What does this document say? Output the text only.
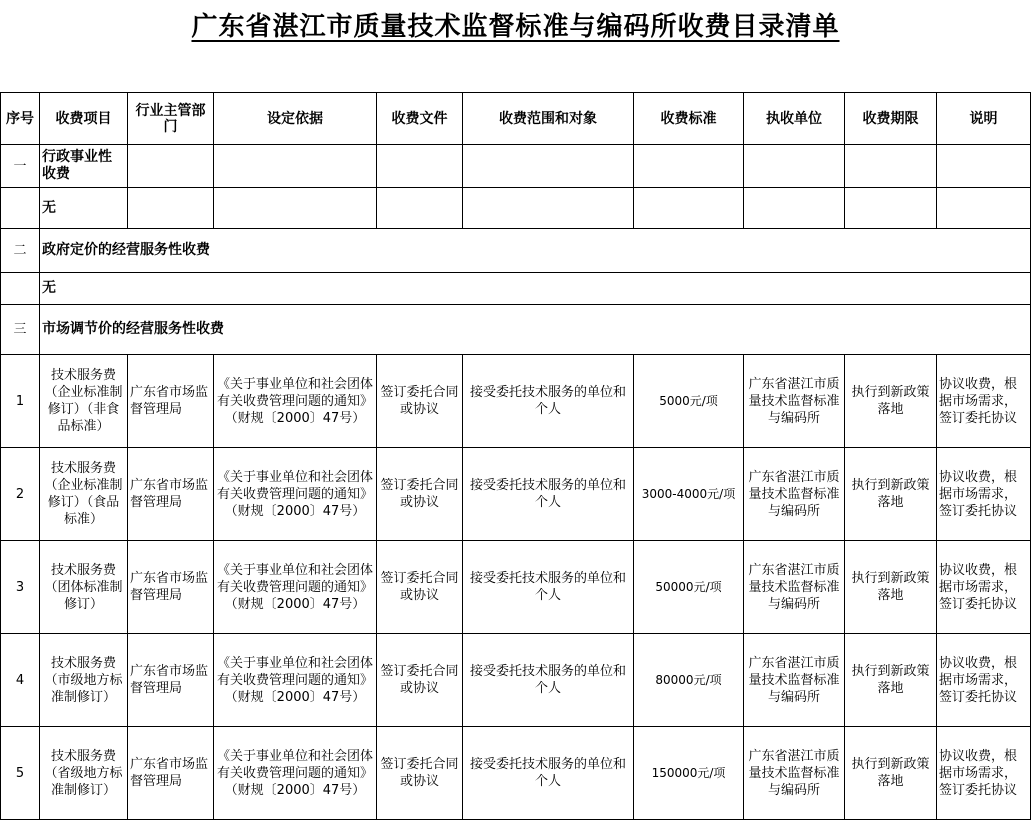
广东省湛江市质量技术监督标准与编码所收费目录清单
序号	收费项目	行业主管部门	设定依据	收费文件	收费范围和对象	收费标准	执收单位	收费期限	说明
一	行政事业性收费								
	无								
二	政府定价的经营服务性收费								
	无								
三	市场调节价的经营服务性收费								
1	技术服务费（企业标准制修订）（非食品标准）	广东省市场监督管理局	《关于事业单位和社会团体有关收费管理问题的通知》（财规〔2000〕47号）	签订委托合同或协议	接受委托技术服务的单位和个人	5000元/项	广东省湛江市质量技术监督标准与编码所	执行到新政策落地	协议收费，根据市场需求，签订委托协议
2	技术服务费（企业标准制修订）（食品标准）	广东省市场监督管理局	《关于事业单位和社会团体有关收费管理问题的通知》（财规〔2000〕47号）	签订委托合同或协议	接受委托技术服务的单位和个人	3000-4000元/项	广东省湛江市质量技术监督标准与编码所	执行到新政策落地	协议收费，根据市场需求，签订委托协议
3	技术服务费（团体标准制修订）	广东省市场监督管理局	《关于事业单位和社会团体有关收费管理问题的通知》（财规〔2000〕47号）	签订委托合同或协议	接受委托技术服务的单位和个人	50000元/项	广东省湛江市质量技术监督标准与编码所	执行到新政策落地	协议收费，根据市场需求，签订委托协议
4	技术服务费（市级地方标准制修订）	广东省市场监督管理局	《关于事业单位和社会团体有关收费管理问题的通知》（财规〔2000〕47号）	签订委托合同或协议	接受委托技术服务的单位和个人	80000元/项	广东省湛江市质量技术监督标准与编码所	执行到新政策落地	协议收费，根据市场需求，签订委托协议
5	技术服务费（省级地方标准制修订）	广东省市场监督管理局	《关于事业单位和社会团体有关收费管理问题的通知》（财规〔2000〕47号）	签订委托合同或协议	接受委托技术服务的单位和个人	150000元/项	广东省湛江市质量技术监督标准与编码所	执行到新政策落地	协议收费，根据市场需求，签订委托协议
